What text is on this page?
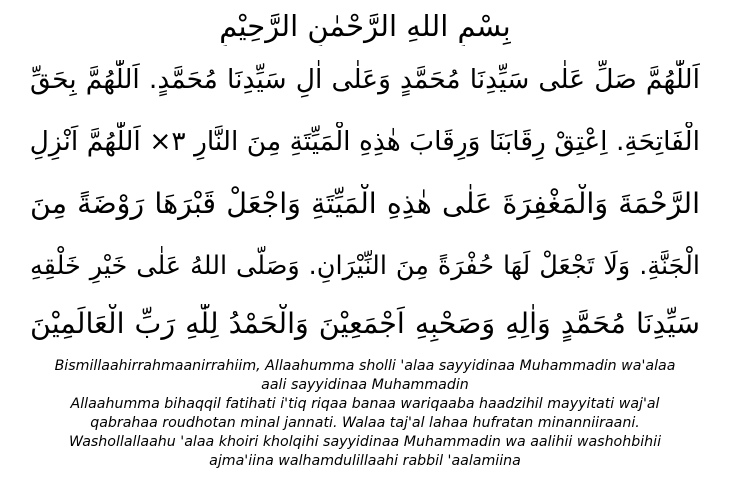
بِسْمِ اللهِ الرَّحْمٰنِ الرَّحِيْمِ
اَللّٰهُمَّ صَلِّ عَلٰى سَيِّدِنَا مُحَمَّدٍ وَعَلٰى اٰلِ سَيِّدِنَا مُحَمَّدٍ. اَللّٰهُمَّ بِحَقِّ
الْفَاتِحَةِ. اِعْتِقْ رِقَابَنَا وَرِقَابَ هٰذِهِ الْمَيِّتَةِ مِنَ النَّارِ ٣× اَللّٰهُمَّ اَنْزِلِ
الرَّحْمَةَ وَالْمَغْفِرَةَ عَلٰى هٰذِهِ الْمَيِّتَةِ وَاجْعَلْ قَبْرَهَا رَوْضَةً مِنَ
الْجَنَّةِ. وَلَا تَجْعَلْ لَهَا حُفْرَةً مِنَ النِّيْرَانِ. وَصَلَّى اللهُ عَلٰى خَيْرِ خَلْقِهِ
سَيِّدِنَا مُحَمَّدٍ وَاٰلِهِ وَصَحْبِهِ اَجْمَعِيْنَ وَالْحَمْدُ لِلّٰهِ رَبِّ الْعَالَمِيْنَ
Bismillaahirrahmaanirrahiim, Allaahumma sholli 'alaa sayyidinaa Muhammadin wa'alaa
aali sayyidinaa Muhammadin
Allaahumma bihaqqil fatihati i'tiq riqaa banaa wariqaaba haadzihil mayyitati waj'al
qabrahaa roudhotan minal jannati. Walaa taj'al lahaa hufratan minanniiraani.
Washollallaahu 'alaa khoiri kholqihi sayyidinaa Muhammadin wa aalihii washohbihii
ajma'iina walhamdulillaahi rabbil 'aalamiina
